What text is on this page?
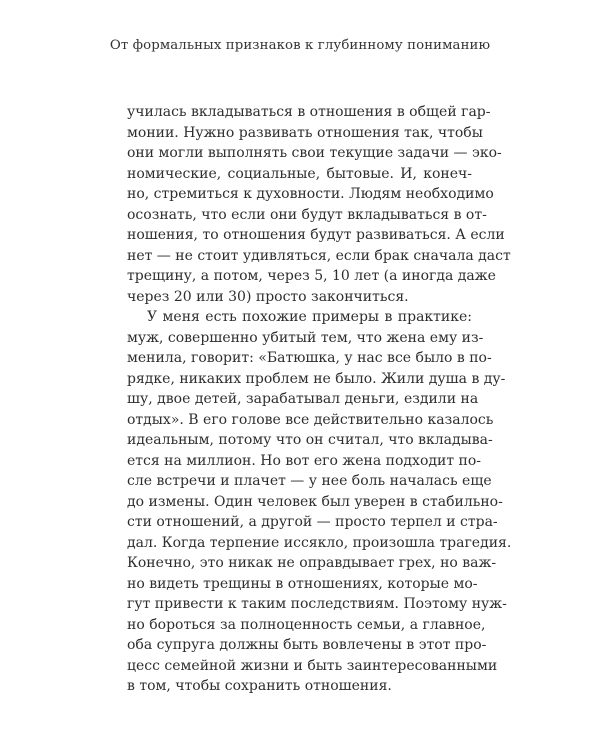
От формальных признаков к глубинному пониманию
училась вкладываться в отношения в общей гар-
монии. Нужно развивать отношения так, чтобы
они могли выполнять свои текущие задачи — эко-
номические, социальные, бытовые. И, конеч-
но, стремиться к духовности. Людям необходимо
осознать, что если они будут вкладываться в от-
ношения, то отношения будут развиваться. А если
нет — не стоит удивляться, если брак сначала даст
трещину, а потом, через 5, 10 лет (а иногда даже
через 20 или 30) просто закончиться.
У меня есть похожие примеры в практике:
муж, совершенно убитый тем, что жена ему из-
менила, говорит: «Батюшка, у нас все было в по-
рядке, никаких проблем не было. Жили душа в ду-
шу, двое детей, зарабатывал деньги, ездили на
отдых». В его голове все действительно казалось
идеальным, потому что он считал, что вкладыва-
ется на миллион. Но вот его жена подходит по-
сле встречи и плачет — у нее боль началась еще
до измены. Один человек был уверен в стабильно-
сти отношений, а другой — просто терпел и стра-
дал. Когда терпение иссякло, произошла трагедия.
Конечно, это никак не оправдывает грех, но важ-
но видеть трещины в отношениях, которые мо-
гут привести к таким последствиям. Поэтому нуж-
но бороться за полноценность семьи, а главное,
оба супруга должны быть вовлечены в этот про-
цесс семейной жизни и быть заинтересованными
в том, чтобы сохранить отношения.
